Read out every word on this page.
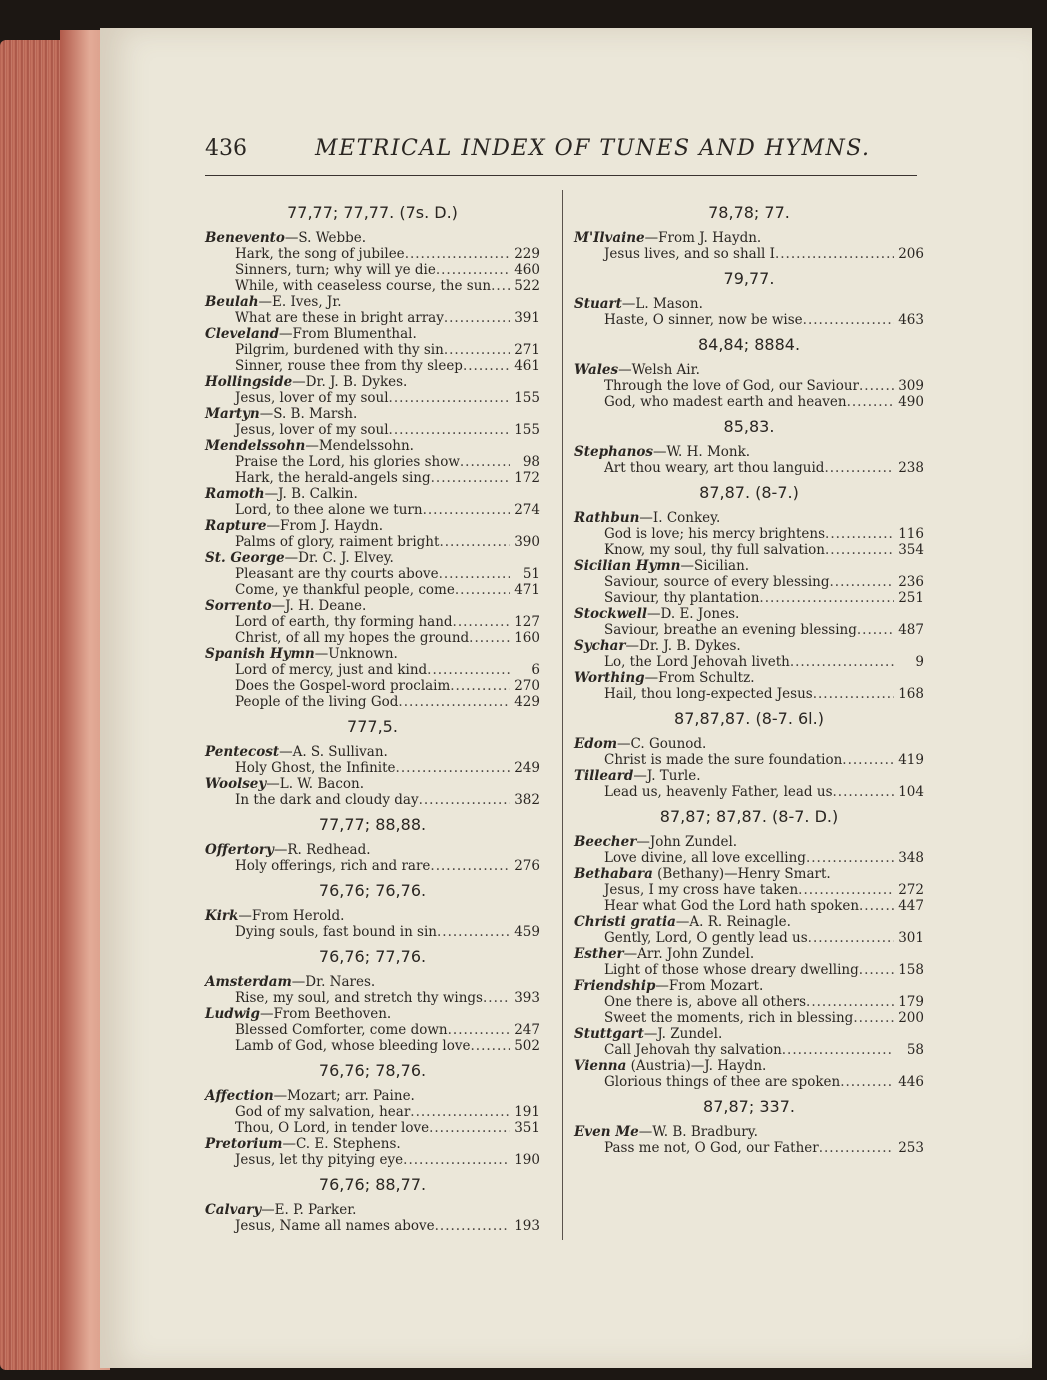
436	METRICAL INDEX OF TUNES AND HYMNS.
77,77; 77,77. (7s. D.)
Benevento—S. Webbe.
Hark, the song of jubilee .....	229
Sinners, turn; why will ye die .....	460
While, with ceaseless course, the sun .....	522
Beulah—E. Ives, Jr.
What are these in bright array .....	391
Cleveland—From Blumenthal.
Pilgrim, burdened with thy sin .....	271
Sinner, rouse thee from thy sleep .....	461
Hollingside—Dr. J. B. Dykes.
Jesus, lover of my soul .....	155
Martyn—S. B. Marsh.
Jesus, lover of my soul .....	155
Mendelssohn—Mendelssohn.
Praise the Lord, his glories show .....	98
Hark, the herald-angels sing .....	172
Ramoth—J. B. Calkin.
Lord, to thee alone we turn .....	274
Rapture—From J. Haydn.
Palms of glory, raiment bright .....	390
St. George—Dr. C. J. Elvey.
Pleasant are thy courts above .....	51
Come, ye thankful people, come .....	471
Sorrento—J. H. Deane.
Lord of earth, thy forming hand .....	127
Christ, of all my hopes the ground .....	160
Spanish Hymn—Unknown.
Lord of mercy, just and kind .....	6
Does the Gospel-word proclaim .....	270
People of the living God .....	429
777,5.
Pentecost—A. S. Sullivan.
Holy Ghost, the Infinite .....	249
Woolsey—L. W. Bacon.
In the dark and cloudy day .....	382
77,77; 88,88.
Offertory—R. Redhead.
Holy offerings, rich and rare .....	276
76,76; 76,76.
Kirk—From Herold.
Dying souls, fast bound in sin .....	459
76,76; 77,76.
Amsterdam—Dr. Nares.
Rise, my soul, and stretch thy wings .....	393
Ludwig—From Beethoven.
Blessed Comforter, come down .....	247
Lamb of God, whose bleeding love .....	502
76,76; 78,76.
Affection—Mozart; arr. Paine.
God of my salvation, hear .....	191
Thou, O Lord, in tender love .....	351
Pretorium—C. E. Stephens.
Jesus, let thy pitying eye .....	190
76,76; 88,77.
Calvary—E. P. Parker.
Jesus, Name all names above .....	193
78,78; 77.
M'Ilvaine—From J. Haydn.
Jesus lives, and so shall I .....	206
79,77.
Stuart—L. Mason.
Haste, O sinner, now be wise .....	463
84,84; 8884.
Wales—Welsh Air.
Through the love of God, our Saviour .....	309
God, who madest earth and heaven .....	490
85,83.
Stephanos—W. H. Monk.
Art thou weary, art thou languid .....	238
87,87. (8-7.)
Rathbun—I. Conkey.
God is love; his mercy brightens .....	116
Know, my soul, thy full salvation .....	354
Sicilian Hymn—Sicilian.
Saviour, source of every blessing .....	236
Saviour, thy plantation .....	251
Stockwell—D. E. Jones.
Saviour, breathe an evening blessing .....	487
Sychar—Dr. J. B. Dykes.
Lo, the Lord Jehovah liveth .....	9
Worthing—From Schultz.
Hail, thou long-expected Jesus .....	168
87,87,87. (8-7. 6l.)
Edom—C. Gounod.
Christ is made the sure foundation .....	419
Tilleard—J. Turle.
Lead us, heavenly Father, lead us .....	104
87,87; 87,87. (8-7. D.)
Beecher—John Zundel.
Love divine, all love excelling .....	348
Bethabara (Bethany)—Henry Smart.
Jesus, I my cross have taken .....	272
Hear what God the Lord hath spoken .....	447
Christi gratia—A. R. Reinagle.
Gently, Lord, O gently lead us .....	301
Esther—Arr. John Zundel.
Light of those whose dreary dwelling .....	158
Friendship—From Mozart.
One there is, above all others .....	179
Sweet the moments, rich in blessing .....	200
Stuttgart—J. Zundel.
Call Jehovah thy salvation .....	58
Vienna (Austria)—J. Haydn.
Glorious things of thee are spoken .....	446
87,87; 337.
Even Me—W. B. Bradbury.
Pass me not, O God, our Father .....	253
